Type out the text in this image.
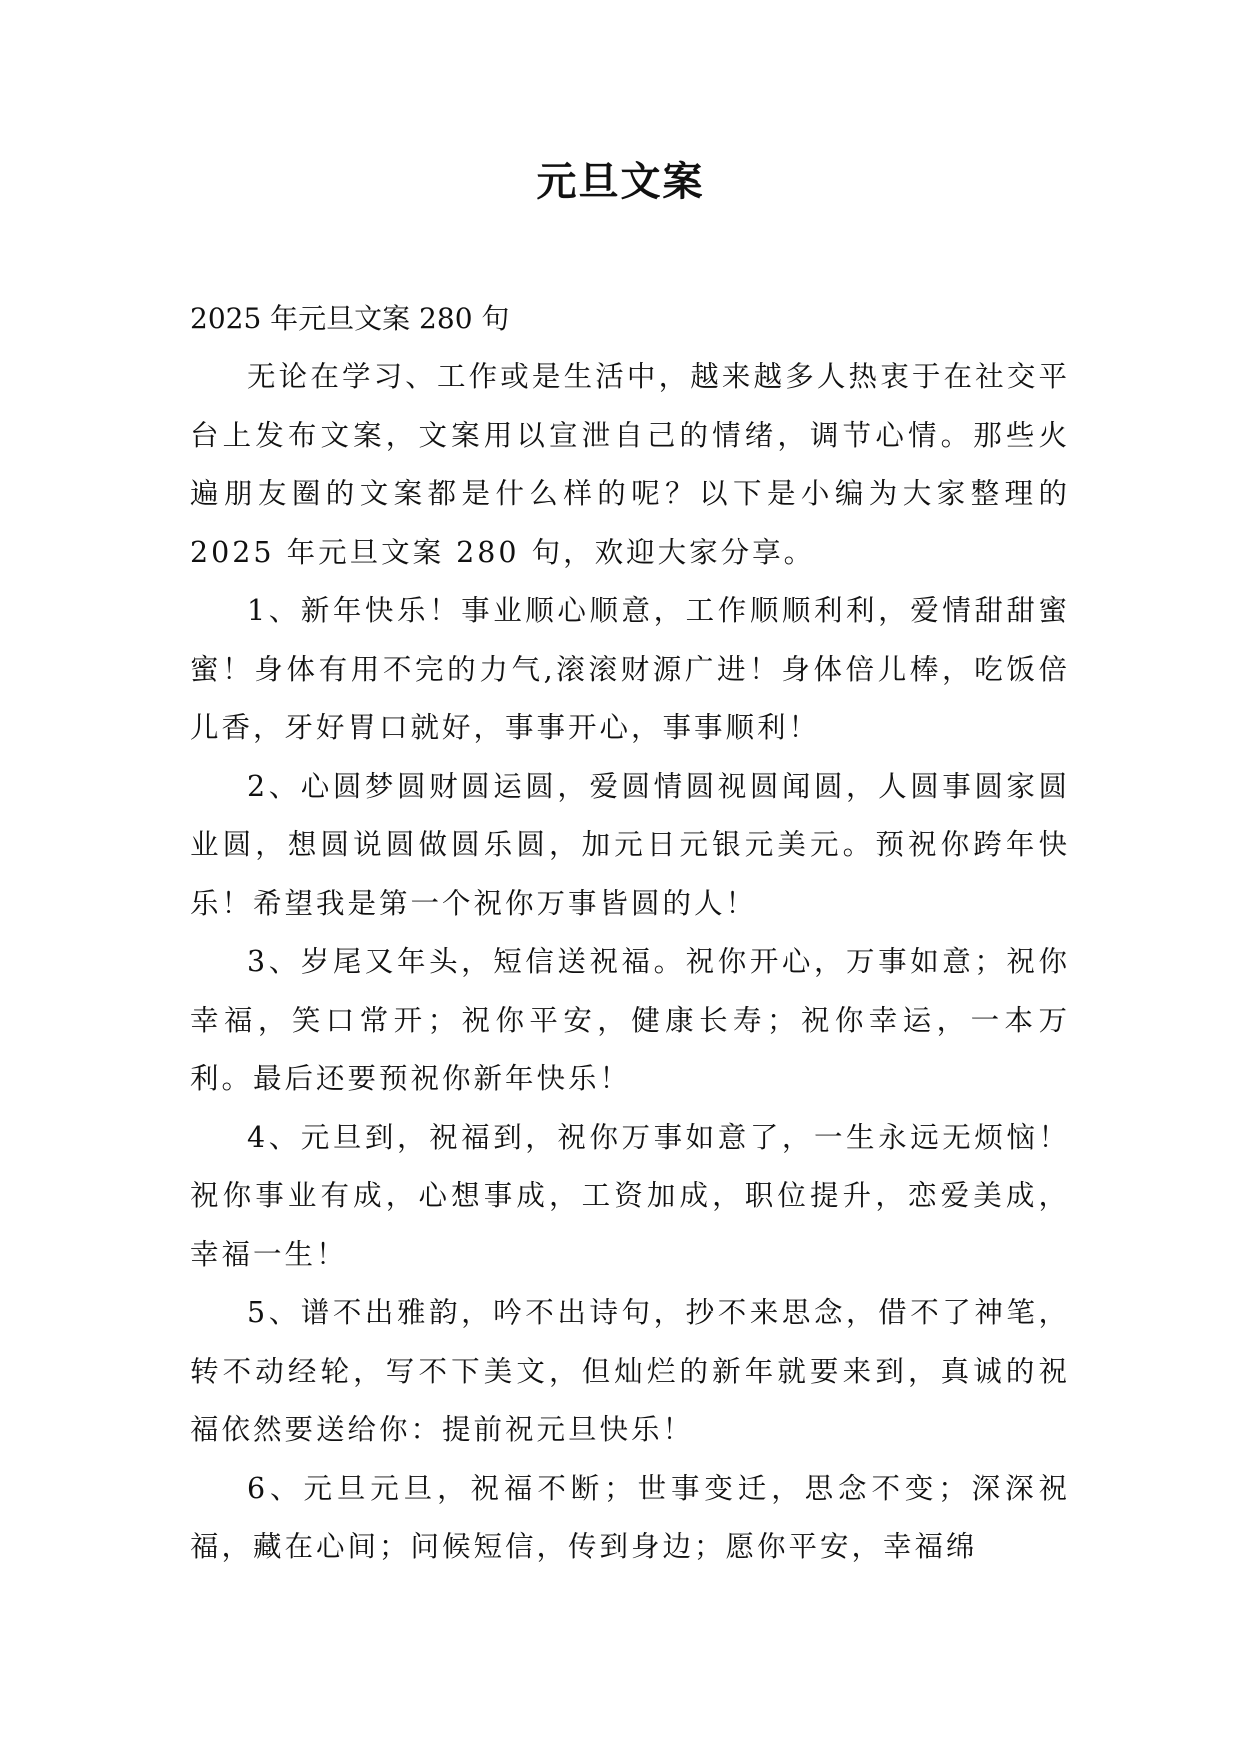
元旦文案

2025 年元旦文案 280 句

无论在学习、工作或是生活中，越来越多人热衷于在社交平台上发布文案，文案用以宣泄自己的情绪，调节心情。那些火遍朋友圈的文案都是什么样的呢？以下是小编为大家整理的 2025 年元旦文案 280 句，欢迎大家分享。

1、新年快乐！事业顺心顺意，工作顺顺利利，爱情甜甜蜜蜜！身体有用不完的力气,滚滚财源广进！身体倍儿棒，吃饭倍儿香，牙好胃口就好，事事开心，事事顺利！

2、心圆梦圆财圆运圆，爱圆情圆视圆闻圆，人圆事圆家圆业圆，想圆说圆做圆乐圆，加元日元银元美元。预祝你跨年快乐！希望我是第一个祝你万事皆圆的人！

3、岁尾又年头，短信送祝福。祝你开心，万事如意；祝你幸福，笑口常开；祝你平安，健康长寿；祝你幸运，一本万利。最后还要预祝你新年快乐！

4、元旦到，祝福到，祝你万事如意了，一生永远无烦恼！祝你事业有成，心想事成，工资加成，职位提升，恋爱美成，幸福一生！

5、谱不出雅韵，吟不出诗句，抄不来思念，借不了神笔，转不动经轮，写不下美文，但灿烂的新年就要来到，真诚的祝福依然要送给你：提前祝元旦快乐！

6、元旦元旦，祝福不断；世事变迁，思念不变；深深祝福，藏在心间；问候短信，传到身边；愿你平安，幸福绵
